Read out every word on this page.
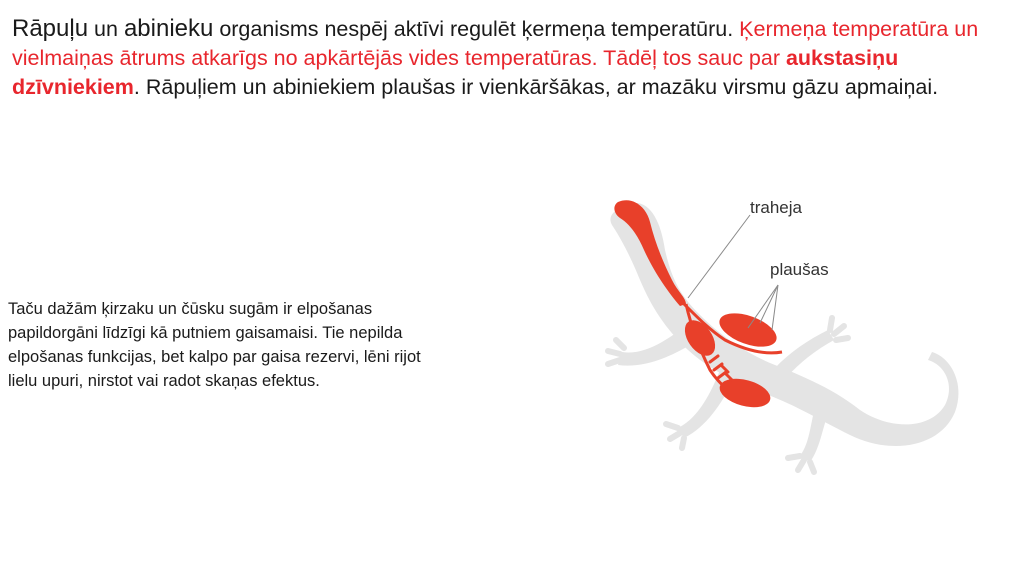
Rāpuļu un abinieku organisms nespēj aktīvi regulēt ķermeņa temperatūru. Ķermeņa temperatūra un vielmaiņas ātrums atkarīgs no apkārtējās vides temperatūras. Tādēļ tos sauc par aukstasiņu dzīvniekiem. Rāpuļiem un abiniekiem plaušas ir vienkāršākas, ar mazāku virsmu gāzu apmaiņai.

Taču dažām ķirzaku un čūsku sugām ir elpošanas papildorgāni līdzīgi kā putniem gaisamaisi. Tie nepilda elpošanas funkcijas, bet kalpo par gaisa rezervi, lēni rijot lielu upuri, nirstot vai radot skaņas efektus.

traheja
plaušas
